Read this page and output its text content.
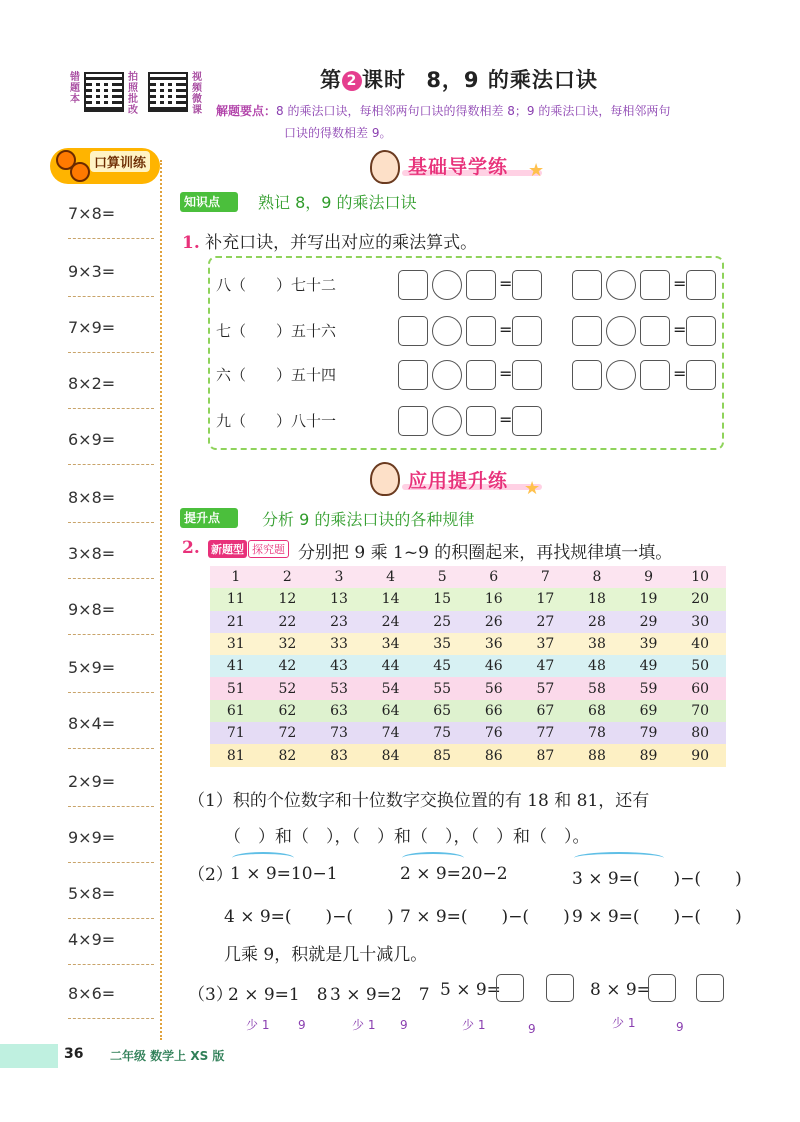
错题本
拍照批改
视频微课
第 2 课时 8，9 的乘法口诀
解题要点：8 的乘法口诀，每相邻两句口诀的得数相差 8；9 的乘法口诀，每相邻两句
口诀的得数相差 9。
口算训练
7×8=
9×3=
7×9=
8×2=
6×9=
8×8=
3×8=
9×8=
5×9=
8×4=
2×9=
9×9=
5×8=
4×9=
8×6=
基础导学练 ★
知识点	熟记 8，9 的乘法口诀
1. 补充口诀，并写出对应的乘法算式。
八（　　）七十二	=	=
七（　　）五十六	=	=
六（　　）五十四	=	=
九（　　）八十一	=
应用提升练 ★
提升点	分析 9 的乘法口诀的各种规律
2. 新题型 探究题 分别把 9 乘 1~9 的积圈起来，再找规律填一填。
1	2	3	4	5	6	7	8	9	10
11	12	13	14	15	16	17	18	19	20
21	22	23	24	25	26	27	28	29	30
31	32	33	34	35	36	37	38	39	40
41	42	43	44	45	46	47	48	49	50
51	52	53	54	55	56	57	58	59	60
61	62	63	64	65	66	67	68	69	70
71	72	73	74	75	76	77	78	79	80
81	82	83	84	85	86	87	88	89	90
（1）积的个位数字和十位数字交换位置的有 18 和 81，还有
（　）和（　），（　）和（　），（　）和（　）。
（2）
1 × 9=10−1	2 × 9=20−2	3 × 9=(　　)−(　　)
4 × 9=(　　)−(　　) 7 × 9=(　　)−(　　) 9 × 9=(　　)−(　　)
几乘 9，积就是几十减几。
（3）
2 × 9=1　8 3 × 9=2　7 5 × 9=	8 × 9=
少 1 9	少 1 9	少 1	9	少 1	9
36 二年级 数学上 XS 版
